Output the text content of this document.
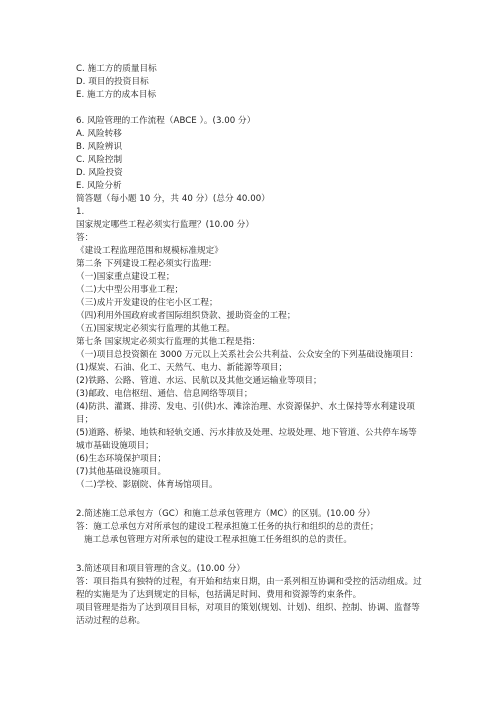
C. 施工方的质量目标
D. 项目的投资目标
E. 施工方的成本目标
6. 风险管理的工作流程（ABCE ）。(3.00 分）
A. 风险转移
B. 风险辨识
C. 风险控制
D. 风险投资
E. 风险分析
简答题（每小题 10 分，共 40 分）(总分 40.00）
1.
国家规定哪些工程必须实行监理？(10.00 分）
答：
《建设工程监理范围和规模标准规定》
第二条 下列建设工程必须实行监理:
（一)国家重点建设工程；
（二)大中型公用事业工程；
（三)成片开发建设的住宅小区工程；
（四)利用外国政府或者国际组织贷款、援助资金的工程；
（五)国家规定必须实行监理的其他工程。
第七条 国家规定必须实行监理的其他工程是指：
（一)项目总投资额在 3000 万元以上关系社会公共利益、公众安全的下列基础设施项目：
(1)煤炭、石油、化工、天然气、电力、新能源等项目；
(2)铁路、公路、管道、水运、民航以及其他交通运输业等项目；
(3)邮政、电信枢纽、通信、信息网络等项目；
(4)防洪、灌溉、排涝、发电、引(供)水、滩涂治理、水资源保护、水土保持等水利建设项
目；
(5)道路、桥梁、地铁和轻轨交通、污水排放及处理、垃圾处理、地下管道、公共停车场等
城市基础设施项目；
(6)生态环境保护项目；
(7)其他基础设施项目。
（二)学校、影剧院、体育场馆项目。
2.简述施工总承包方（GC）和施工总承包管理方（MC）的区别。(10.00 分）
答：施工总承包方对所承包的建设工程承担施工任务的执行和组织的总的责任；
施工总承包管理方对所承包的建设工程承担施工任务组织的总的责任。
3.简述项目和项目管理的含义。(10.00 分）
答：项目指具有独特的过程，有开始和结束日期，由一系列相互协调和受控的活动组成。过
程的实施是为了达到规定的目标，包括满足时间、费用和资源等约束条件。
项目管理是指为了达到项目目标，对项目的策划(规划、计划)、组织、控制、协调、监督等
活动过程的总称。
